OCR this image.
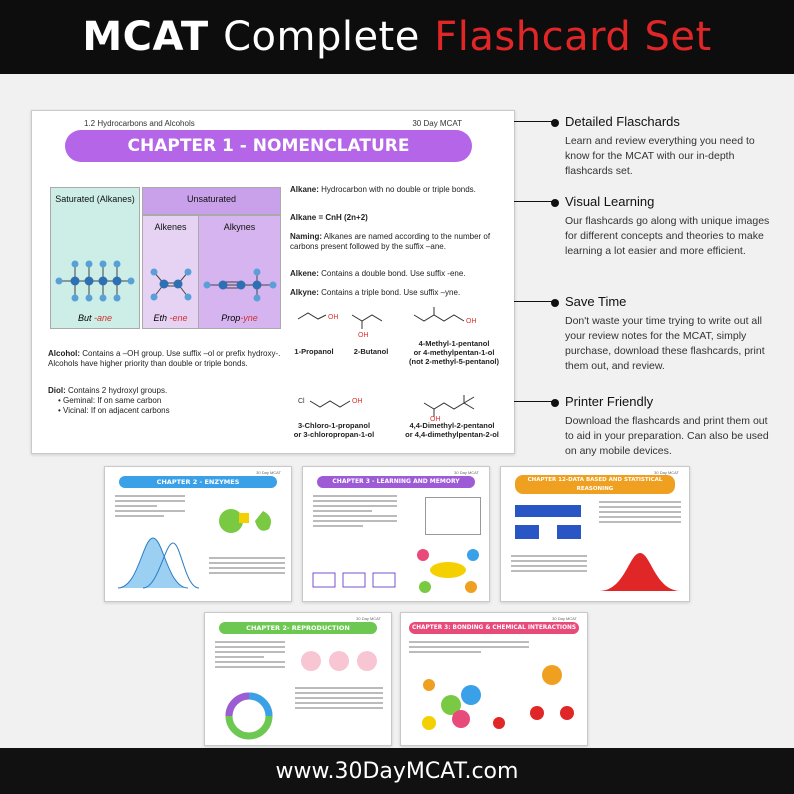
MCAT Complete Flashcard Set
1.2 Hydrocarbons and Alcohols	30 Day MCAT
CHAPTER 1 - NOMENCLATURE
Saturated (Alkanes)
But -ane
Unsaturated
Alkenes
Eth -ene
Alkynes
Prop-yne
Alkane: Hydrocarbon with no double or triple bonds.
Alkane = CnH (2n+2)
Naming: Alkanes are named according to the number of carbons present followed by the suffix –ane.
Alkene: Contains a double bond. Use suffix -ene.
Alkyne: Contains a triple bond. Use suffix –yne.
Alcohol: Contains a –OH group. Use suffix –ol or prefix hydroxy-. Alcohols have higher priority than double or triple bonds.
Diol: Contains 2 hydroxyl groups.
• Geminal: If on same carbon
• Vicinal: If on adjacent carbons
OH
OH
OH
1-Propanol	2-Butanol
4-Methyl-1-pentanol
or 4-methylpentan-1-ol
(not 2-methyl-5-pentanol)
Cl	OH
OH
3-Chloro-1-propanol
or 3-chloropropan-1-ol
4,4-Dimethyl-2-pentanol
or 4,4-dimethylpentan-2-ol
Detailed Flaschards
Learn and review everything you need to know for the MCAT with our in-depth flashcards set.
Visual Learning
Our flashcards go along with unique images for different concepts and theories to make learning a lot easier and more efficient.
Save Time
Don't waste your time trying to write out all your review notes for the MCAT, simply purchase, download these flashcards, print them out, and review.
Printer Friendly
Download the flashcards and print them out to aid in your preparation. Can also be used on any mobile devices.
30 Day MCAT
CHAPTER 2 - ENZYMES
30 Day MCAT
CHAPTER 3 - LEARNING AND MEMORY
30 Day MCAT
CHAPTER 12-DATA BASED AND STATISTICAL REASONING
30 Day MCAT
CHAPTER 2- REPRODUCTION
30 Day MCAT
CHAPTER 3: BONDING & CHEMICAL INTERACTIONS
www.30DayMCAT.com
